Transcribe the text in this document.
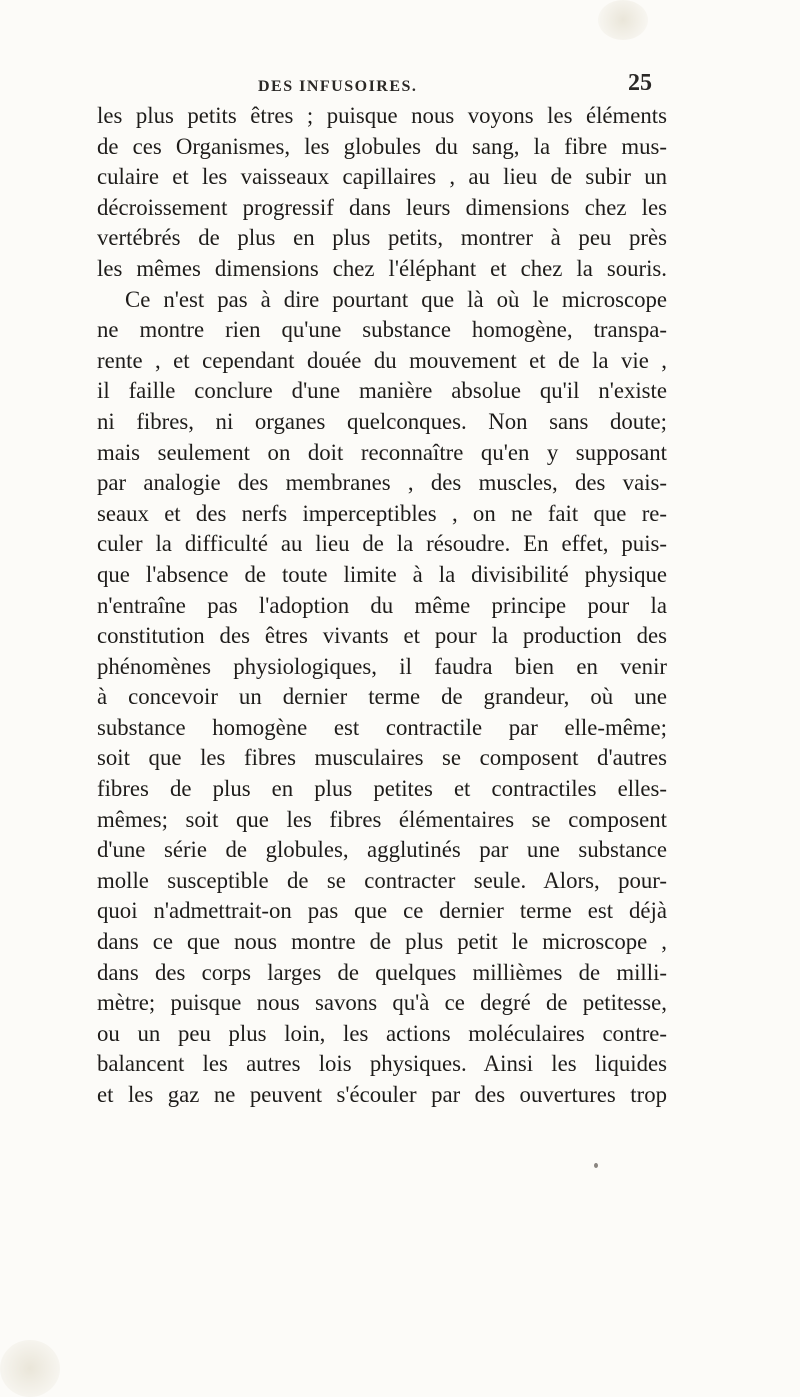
DES INFUSOIRES.	25
les plus petits êtres ; puisque nous voyons les éléments
de ces Organismes, les globules du sang, la fibre mus-
culaire et les vaisseaux capillaires , au lieu de subir un
décroissement progressif dans leurs dimensions chez les
vertébrés de plus en plus petits, montrer à peu près
les mêmes dimensions chez l'éléphant et chez la souris.
Ce n'est pas à dire pourtant que là où le microscope
ne montre rien qu'une substance homogène, transpa-
rente , et cependant douée du mouvement et de la vie ,
il faille conclure d'une manière absolue qu'il n'existe
ni fibres, ni organes quelconques. Non sans doute;
mais seulement on doit reconnaître qu'en y supposant
par analogie des membranes , des muscles, des vais-
seaux et des nerfs imperceptibles , on ne fait que re-
culer la difficulté au lieu de la résoudre. En effet, puis-
que l'absence de toute limite à la divisibilité physique
n'entraîne pas l'adoption du même principe pour la
constitution des êtres vivants et pour la production des
phénomènes physiologiques, il faudra bien en venir
à concevoir un dernier terme de grandeur, où une
substance homogène est contractile par elle-même;
soit que les fibres musculaires se composent d'autres
fibres de plus en plus petites et contractiles elles-
mêmes; soit que les fibres élémentaires se composent
d'une série de globules, agglutinés par une substance
molle susceptible de se contracter seule. Alors, pour-
quoi n'admettrait-on pas que ce dernier terme est déjà
dans ce que nous montre de plus petit le microscope ,
dans des corps larges de quelques millièmes de milli-
mètre; puisque nous savons qu'à ce degré de petitesse,
ou un peu plus loin, les actions moléculaires contre-
balancent les autres lois physiques. Ainsi les liquides
et les gaz ne peuvent s'écouler par des ouvertures trop
